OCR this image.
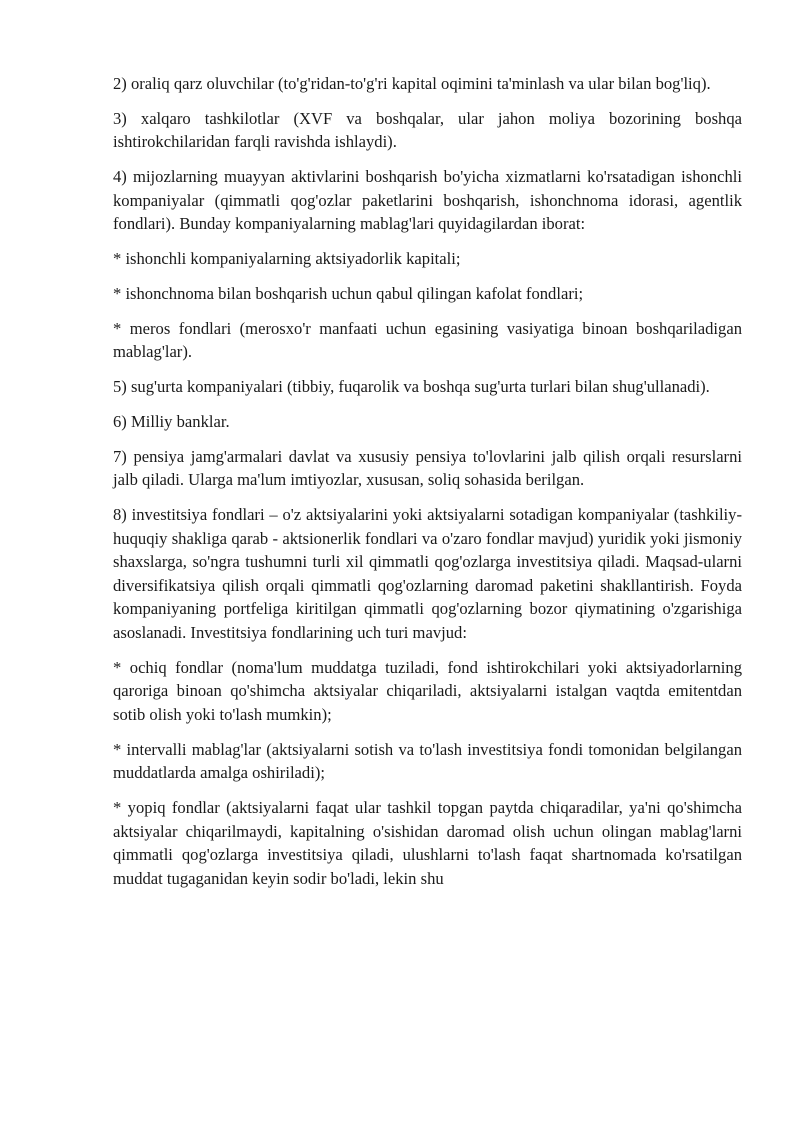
2) oraliq qarz oluvchilar (to'g'ridan-to'g'ri kapital oqimini ta'minlash va ular bilan bog'liq).

3) xalqaro tashkilotlar (XVF va boshqalar, ular jahon moliya bozorining boshqa ishtirokchilaridan farqli ravishda ishlaydi).

4) mijozlarning muayyan aktivlarini boshqarish bo'yicha xizmatlarni ko'rsatadigan ishonchli kompaniyalar (qimmatli qog'ozlar paketlarini boshqarish, ishonchnoma idorasi, agentlik fondlari). Bunday kompaniyalarning mablag'lari quyidagilardan iborat:

* ishonchli kompaniyalarning aktsiyadorlik kapitali;

* ishonchnoma bilan boshqarish uchun qabul qilingan kafolat fondlari;

* meros fondlari (merosxo'r manfaati uchun egasining vasiyatiga binoan boshqariladigan mablag'lar).

5) sug'urta kompaniyalari (tibbiy, fuqarolik va boshqa sug'urta turlari bilan shug'ullanadi).

6) Milliy banklar.

7) pensiya jamg'armalari davlat va xususiy pensiya to'lovlarini jalb qilish orqali resurslarni jalb qiladi. Ularga ma'lum imtiyozlar, xususan, soliq sohasida berilgan.

8) investitsiya fondlari – o'z aktsiyalarini yoki aktsiyalarni sotadigan kompaniyalar (tashkiliy-huquqiy shakliga qarab - aktsionerlik fondlari va o'zaro fondlar mavjud) yuridik yoki jismoniy shaxslarga, so'ngra tushumni turli xil qimmatli qog'ozlarga investitsiya qiladi. Maqsad-ularni diversifikatsiya qilish orqali qimmatli qog'ozlarning daromad paketini shakllantirish. Foyda kompaniyaning portfeliga kiritilgan qimmatli qog'ozlarning bozor qiymatining o'zgarishiga asoslanadi. Investitsiya fondlarining uch turi mavjud:

* ochiq fondlar (noma'lum muddatga tuziladi, fond ishtirokchilari yoki aktsiyadorlarning qaroriga binoan qo'shimcha aktsiyalar chiqariladi, aktsiyalarni istalgan vaqtda emitentdan sotib olish yoki to'lash mumkin);

* intervalli mablag'lar (aktsiyalarni sotish va to'lash investitsiya fondi tomonidan belgilangan muddatlarda amalga oshiriladi);

* yopiq fondlar (aktsiyalarni faqat ular tashkil topgan paytda chiqaradilar, ya'ni qo'shimcha aktsiyalar chiqarilmaydi, kapitalning o'sishidan daromad olish uchun olingan mablag'larni qimmatli qog'ozlarga investitsiya qiladi, ulushlarni to'lash faqat shartnomada ko'rsatilgan muddat tugaganidan keyin sodir bo'ladi, lekin shu
